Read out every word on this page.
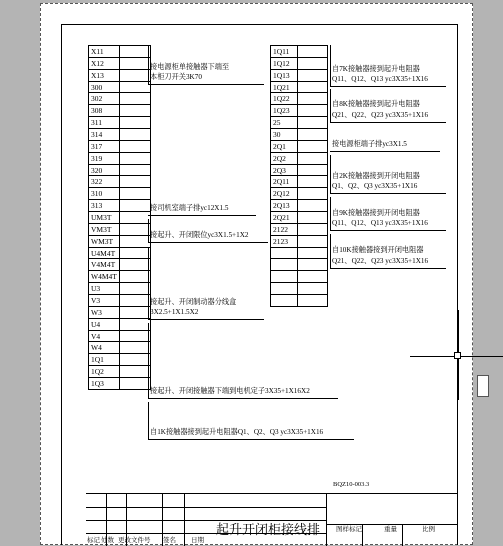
X11	
X12	
X13	
300	
302	
308	
311	
314	
317	
319	
320	
322	
310	
313	
UM3T	
VM3T	
WM3T	
U4M4T	
V4M4T	
W4M4T	
U3	
V3	
W3	
U4	
V4	
W4	
1Q1	
1Q2	
1Q3	
1Q11	
1Q12	
1Q13	
1Q21	
1Q22	
1Q23	
25	
30	
2Q1	
2Q2	
2Q3	
2Q11	
2Q12	
2Q13	
2Q21	
2122	
2123	

接电源柜单接触器下端至

本柜刀开关3K70

接司机室端子排yc12X1.5

接起升、开闭限位yc3X1.5+1X2

接起升、开闭制动器分线盒

3X2.5+1X1.5X2

接起升、开闭接触器下端到电机定子3X35+1X16X2

自1K接触器接到起升电阻器Q1、Q2、Q3 yc3X35+1X16

自7K接触器接到起升电阻器

Q11、Q12、Q13 yc3X35+1X16

自8K接触器接到起升电阻器

Q21、Q22、Q23 yc3X35+1X16

接电源柜端子排yc3X1.5

自2K接触器接到开闭电阻器

Q1、Q2、Q3 yc3X35+1X16

自9K接触器接到开闭电阻器

Q11、Q12、Q13 yc3X35+1X16

自10K接触器接到开闭电阻器

Q21、Q22、Q23 yc3X35+1X16

BQZ10-003.3
图样标记	重量	比例
起升开闭柜接线排
标记 处数 更改文件号 签名 日期
